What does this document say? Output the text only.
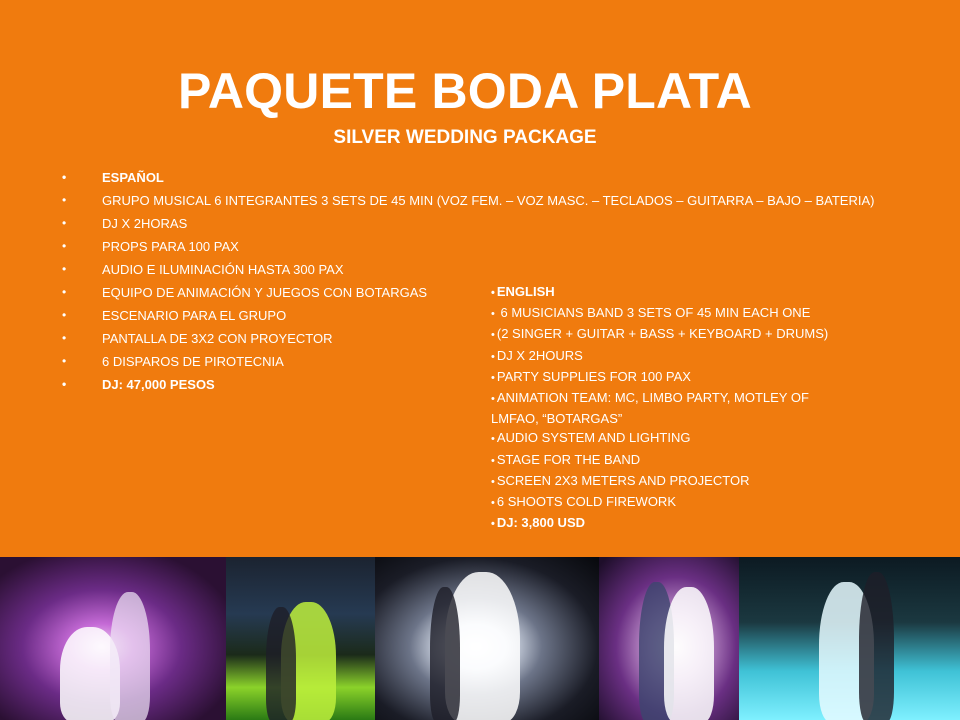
PAQUETE BODA PLATA
SILVER WEDDING PACKAGE
•	ESPAÑOL
•	GRUPO MUSICAL 6 INTEGRANTES 3 SETS DE 45 MIN (VOZ FEM. – VOZ MASC. – TECLADOS – GUITARRA – BAJO – BATERIA)
•	DJ X 2HORAS
•	PROPS PARA 100 PAX
•	AUDIO E ILUMINACIÓN HASTA 300 PAX
•	EQUIPO DE ANIMACIÓN Y JUEGOS CON BOTARGAS
•	ESCENARIO PARA EL GRUPO
•	PANTALLA DE 3X2 CON PROYECTOR
•	6 DISPAROS DE PIROTECNIA
•	DJ: 47,000 PESOS
• ENGLISH
• 6 MUSICIANS BAND 3 SETS OF 45 MIN EACH ONE
• (2 SINGER + GUITAR + BASS + KEYBOARD + DRUMS)
• DJ X 2HOURS
• PARTY SUPPLIES FOR 100 PAX
• ANIMATION TEAM: MC, LIMBO PARTY, MOTLEY OF LMFAO, “BOTARGAS”
• AUDIO SYSTEM AND LIGHTING
• STAGE FOR THE BAND
• SCREEN 2X3 METERS AND PROJECTOR
• 6 SHOOTS COLD FIREWORK
• DJ: 3,800 USD
